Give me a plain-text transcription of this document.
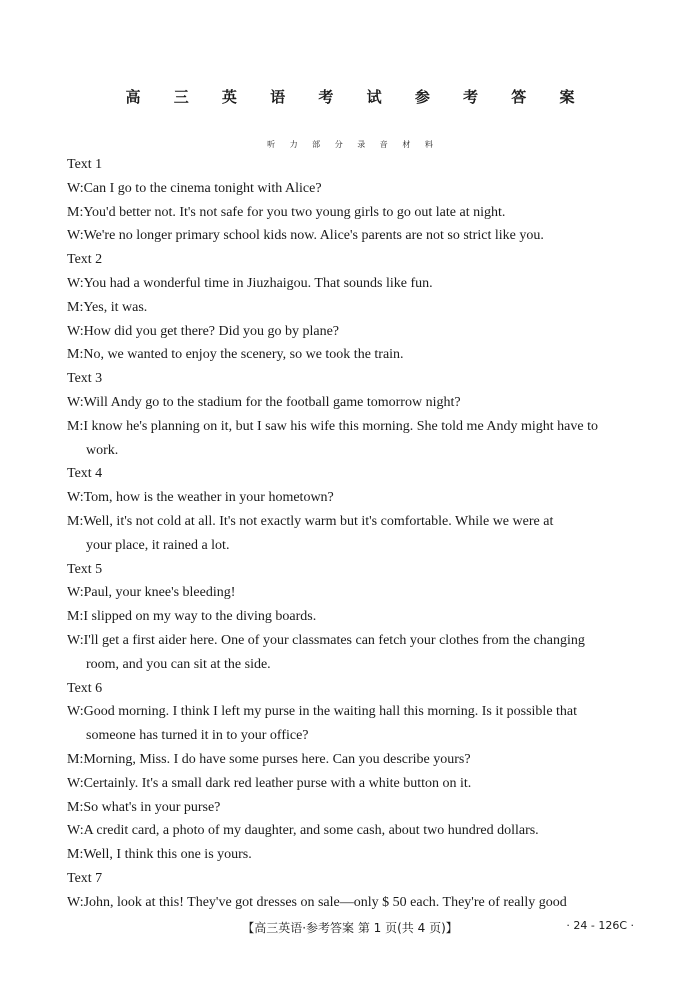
高 三 英 语 考 试 参 考 答 案
听 力 部 分 录 音 材 料
Text 1
W:Can I go to the cinema tonight with Alice?
M:You'd better not. It's not safe for you two young girls to go out late at night.
W:We're no longer primary school kids now. Alice's parents are not so strict like you.
Text 2
W:You had a wonderful time in Jiuzhaigou. That sounds like fun.
M:Yes, it was.
W:How did you get there? Did you go by plane?
M:No, we wanted to enjoy the scenery, so we took the train.
Text 3
W:Will Andy go to the stadium for the football game tomorrow night?
M:I know he's planning on it, but I saw his wife this morning. She told me Andy might have to
work.
Text 4
W:Tom, how is the weather in your hometown?
M:Well, it's not cold at all. It's not exactly warm but it's comfortable. While we were at
your place, it rained a lot.
Text 5
W:Paul, your knee's bleeding!
M:I slipped on my way to the diving boards.
W:I'll get a first aider here. One of your classmates can fetch your clothes from the changing
room, and you can sit at the side.
Text 6
W:Good morning. I think I left my purse in the waiting hall this morning. Is it possible that
someone has turned it in to your office?
M:Morning, Miss. I do have some purses here. Can you describe yours?
W:Certainly. It's a small dark red leather purse with a white button on it.
M:So what's in your purse?
W:A credit card, a photo of my daughter, and some cash, about two hundred dollars.
M:Well, I think this one is yours.
Text 7
W:John, look at this! They've got dresses on sale—only $ 50 each. They're of really good
【高三英语·参考答案 第 1 页(共 4 页)】	· 24 - 126C ·
